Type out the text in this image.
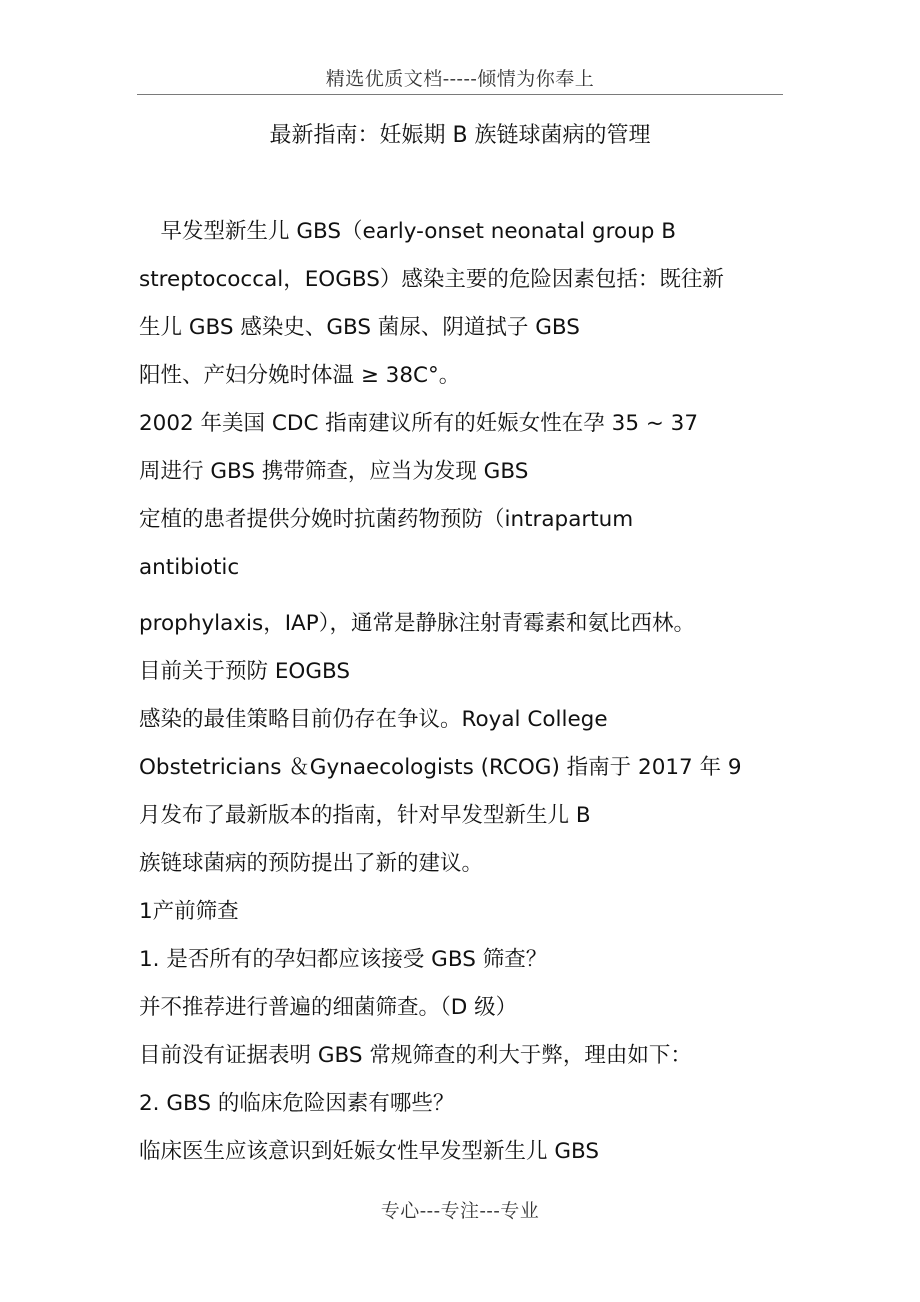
精选优质文档-----倾情为你奉上
最新指南：妊娠期 B 族链球菌病的管理
　早发型新生儿 GBS（early-onset neonatal group B
streptococcal，EOGBS）感染主要的危险因素包括：既往新
生儿 GBS 感染史、GBS 菌尿、阴道拭子 GBS
阳性、产妇分娩时体温 ≥ 38C°。
2002 年美国 CDC 指南建议所有的妊娠女性在孕 35 ~ 37
周进行 GBS 携带筛查，应当为发现 GBS
定植的患者提供分娩时抗菌药物预防（intrapartum
antibiotic
prophylaxis，IAP），通常是静脉注射青霉素和氨比西林。
目前关于预防 EOGBS
感染的最佳策略目前仍存在争议。Royal College
Obstetricians ＆Gynaecologists (RCOG) 指南于 2017 年 9
月发布了最新版本的指南，针对早发型新生儿 B
族链球菌病的预防提出了新的建议。
1产前筛查
1. 是否所有的孕妇都应该接受 GBS 筛查？
并不推荐进行普遍的细菌筛查。（D 级）
目前没有证据表明 GBS 常规筛查的利大于弊，理由如下：
2. GBS 的临床危险因素有哪些？
临床医生应该意识到妊娠女性早发型新生儿 GBS
专心---专注---专业
